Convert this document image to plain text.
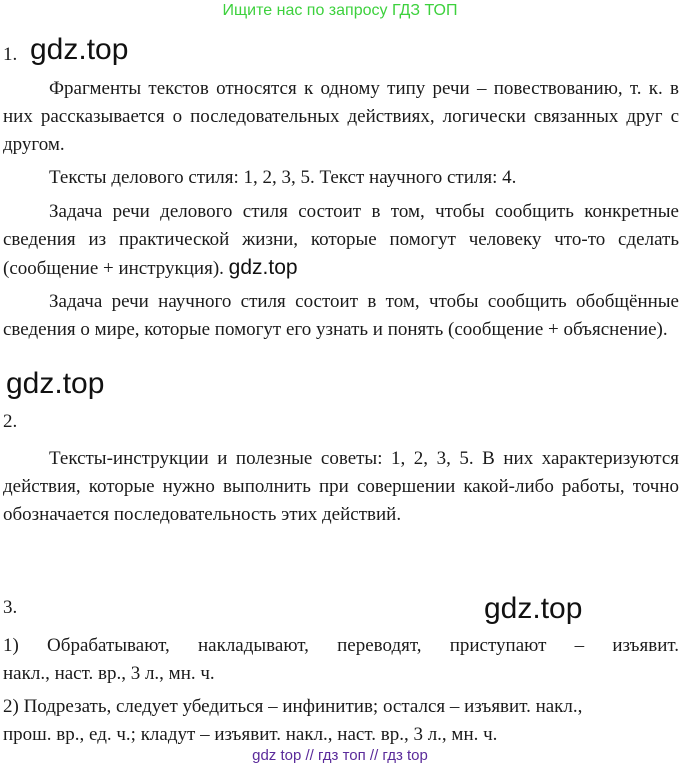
Ищите нас по запросу ГДЗ ТОП
1. gdz.top
Фрагменты текстов относятся к одному типу речи – повествованию, т. к. в них рассказывается о последовательных действиях, логически связанных друг с другом.
Тексты делового стиля: 1, 2, 3, 5. Текст научного стиля: 4.
Задача речи делового стиля состоит в том, чтобы сообщить конкретные сведения из практической жизни, которые помогут человеку что-то сделать (сообщение + инструкция). gdz.top
Задача речи научного стиля состоит в том, чтобы сообщить обобщённые сведения о мире, которые помогут его узнать и понять (сообщение + объяснение).
gdz.top
2.
Тексты-инструкции и полезные советы: 1, 2, 3, 5. В них характеризуются действия, которые нужно выполнить при совершении какой-либо работы, точно обозначается последовательность этих действий.
3.	gdz.top
1) Обрабатывают, накладывают, переводят, приступают – изъявит.
накл., наст. вр., 3 л., мн. ч.
2) Подрезать, следует убедиться – инфинитив; остался – изъявит. накл.,
прош. вр., ед. ч.; кладут – изъявит. накл., наст. вр., 3 л., мн. ч.
gdz top // гдз топ // гдз top
